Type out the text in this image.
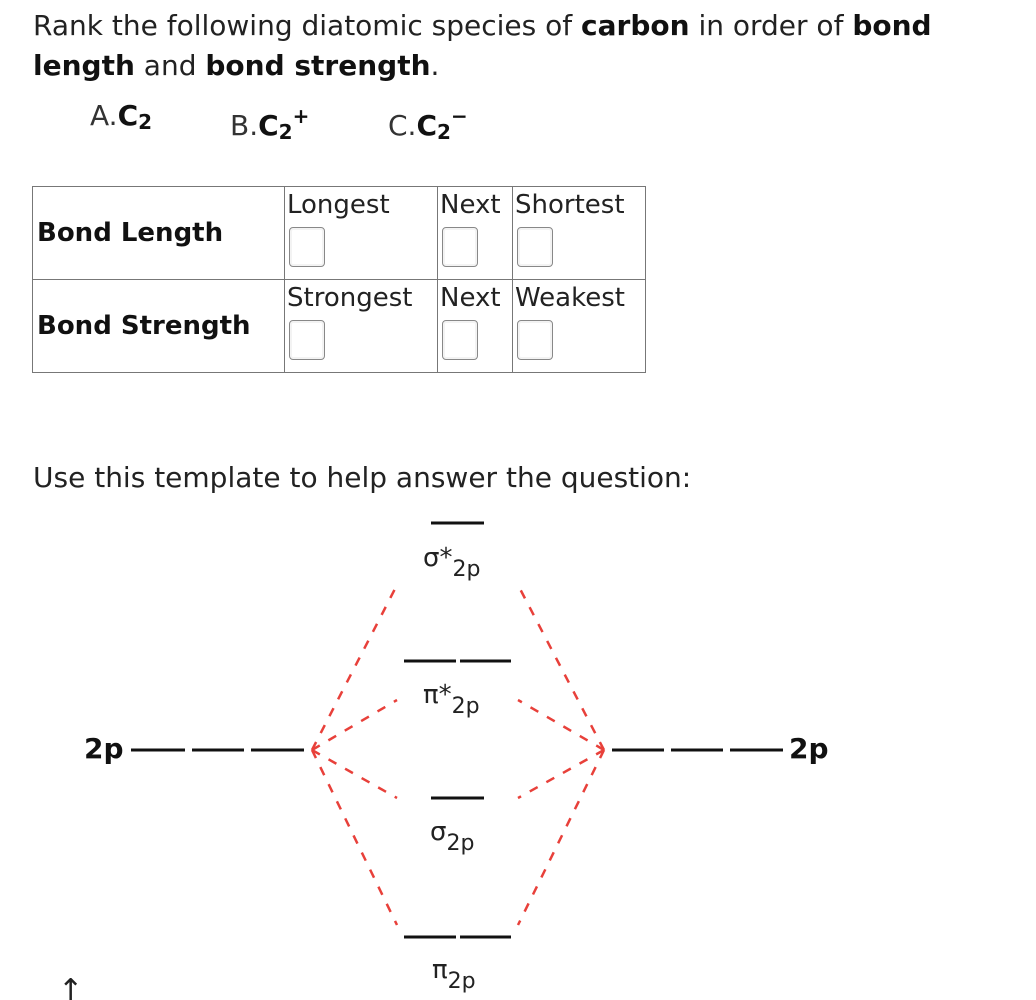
Rank the following diatomic species of carbon in order of bond length and bond strength.
$A.C_2$	$B.C_2^+$	$C.C_2^-$
Bond Length	Longest	Next	Shortest

Bond Strength	Strongest	Next	Weakest
Use this template to help answer the question:
$\sigma*_{2p}$
$\pi*_{2p}$
$\sigma_{2p}$
$\pi_{2p}$
2p	2p
↑
